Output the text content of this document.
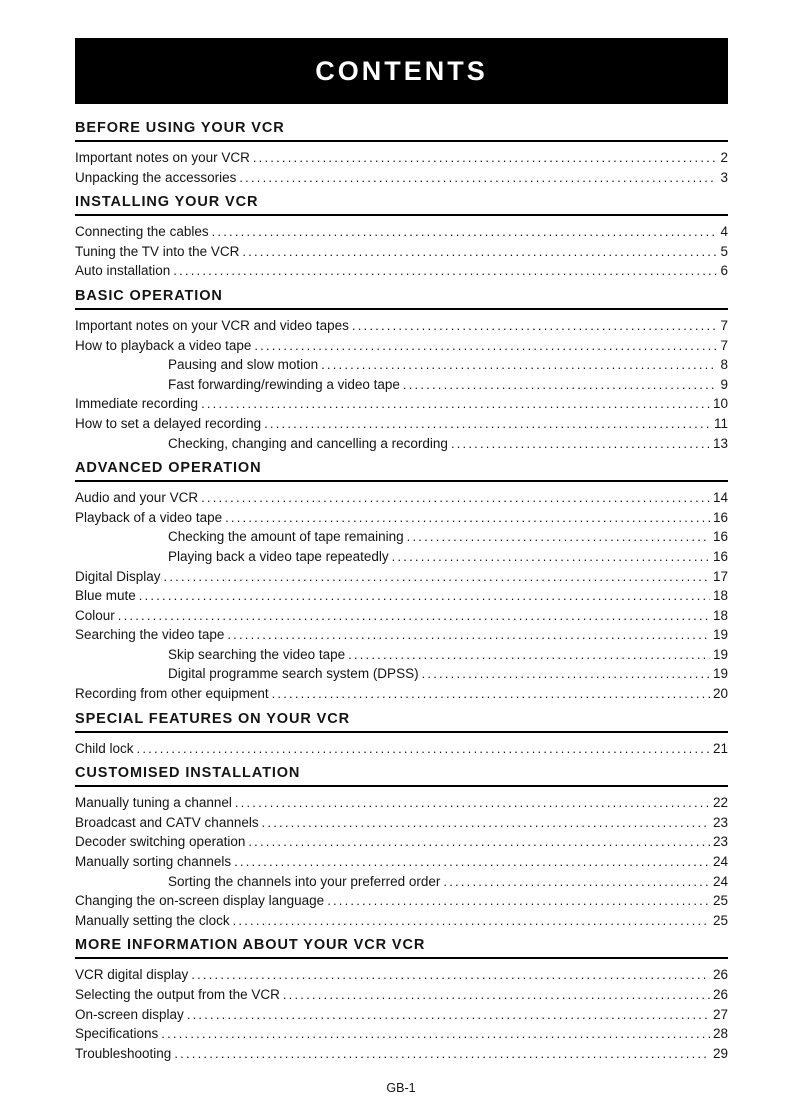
CONTENTS
BEFORE USING YOUR VCR
Important notes on your VCR .....	2
Unpacking the accessories .....	3
INSTALLING YOUR VCR
Connecting the cables .....	4
Tuning the TV into the VCR .....	5
Auto installation .....	6
BASIC OPERATION
Important notes on your VCR and video tapes .....	7
How to playback a video tape .....	7
Pausing and slow motion .....	8
Fast forwarding/rewinding a video tape .....	9
Immediate recording .....	10
How to set a delayed recording .....	11
Checking, changing and cancelling a recording .....	13
ADVANCED OPERATION
Audio and your VCR .....	14
Playback of a video tape .....	16
Checking the amount of tape remaining .....	16
Playing back a video tape repeatedly .....	16
Digital Display .....	17
Blue mute .....	18
Colour .....	18
Searching the video tape .....	19
Skip searching the video tape .....	19
Digital programme search system (DPSS) .....	19
Recording from other equipment .....	20
SPECIAL FEATURES ON YOUR VCR
Child lock .....	21
CUSTOMISED INSTALLATION
Manually tuning a channel .....	22
Broadcast and CATV channels .....	23
Decoder switching operation .....	23
Manually sorting channels .....	24
Sorting the channels into your preferred order .....	24
Changing the on-screen display language .....	25
Manually setting the clock .....	25
MORE INFORMATION ABOUT YOUR VCR VCR
VCR digital display .....	26
Selecting the output from the VCR .....	26
On-screen display .....	27
Specifications .....	28
Troubleshooting .....	29
GB-1
